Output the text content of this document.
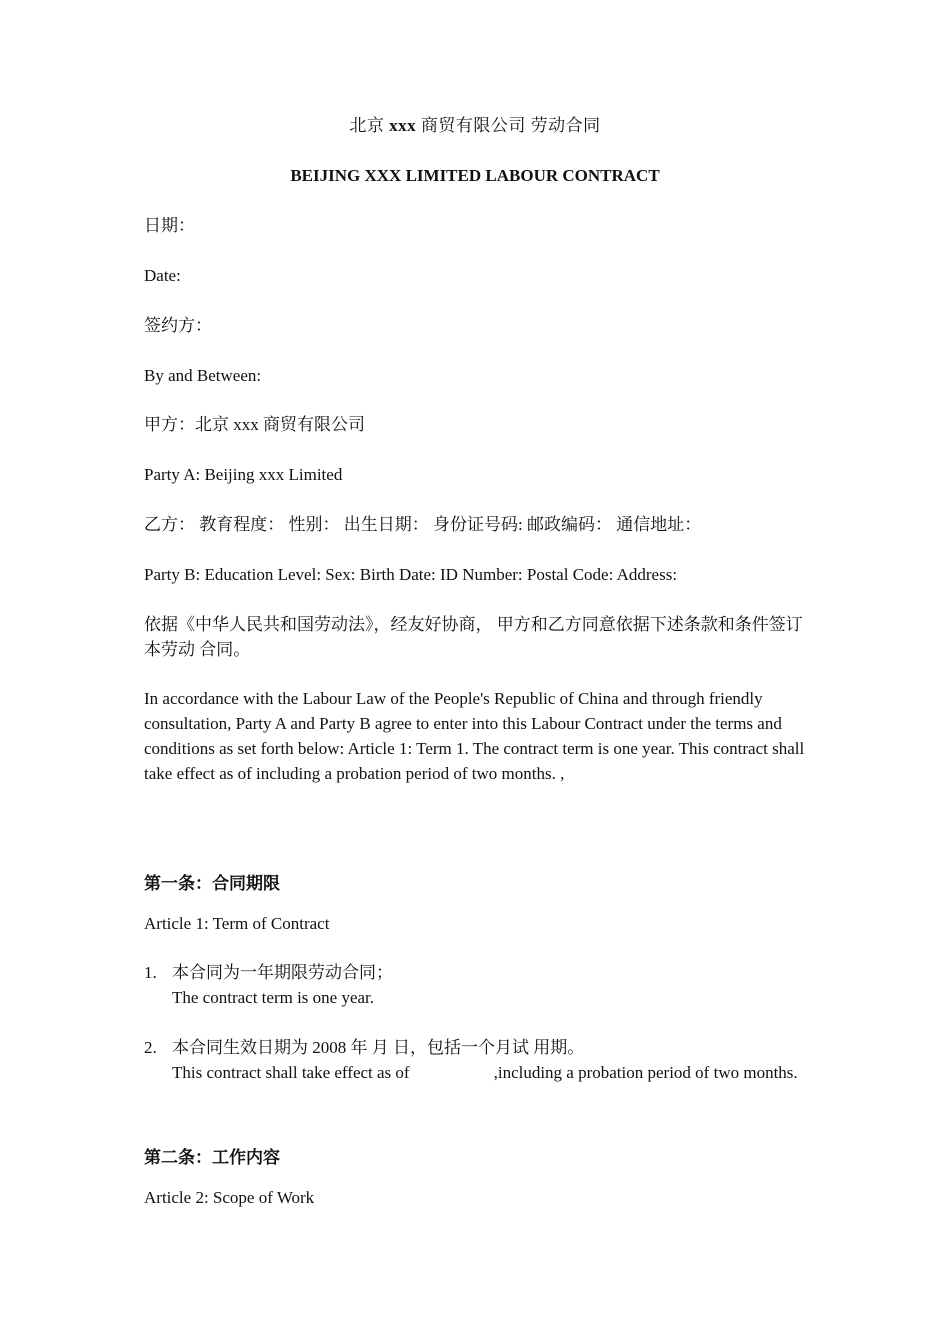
北京 xxx 商贸有限公司 劳动合同
BEIJING XXX LIMITED LABOUR CONTRACT
日期：
Date:
签约方：
By and Between:
甲方：北京 xxx 商贸有限公司
Party A: Beijing xxx Limited
乙方： 教育程度： 性别： 出生日期： 身份证号码: 邮政编码： 通信地址：
Party B: Education Level: Sex: Birth Date: ID Number: Postal Code: Address:
依据《中华人民共和国劳动法》，经友好协商， 甲方和乙方同意依据下述条款和条件签订本劳动 合同。
In accordance with the Labour Law of the People's Republic of China and through friendly consultation, Party A and Party B agree to enter into this Labour Contract under the terms and conditions as set forth below: Article 1: Term 1. The contract term is one year. This contract shall take effect as of including a probation period of two months. ,
第一条：合同期限
Article 1: Term of Contract
1. 本合同为一年期限劳动合同；
The contract term is one year.
2. 本合同生效日期为 2008 年 月 日，包括一个月试 用期。
This contract shall take effect as of	,including a probation period of two months.
第二条：工作内容
Article 2: Scope of Work
